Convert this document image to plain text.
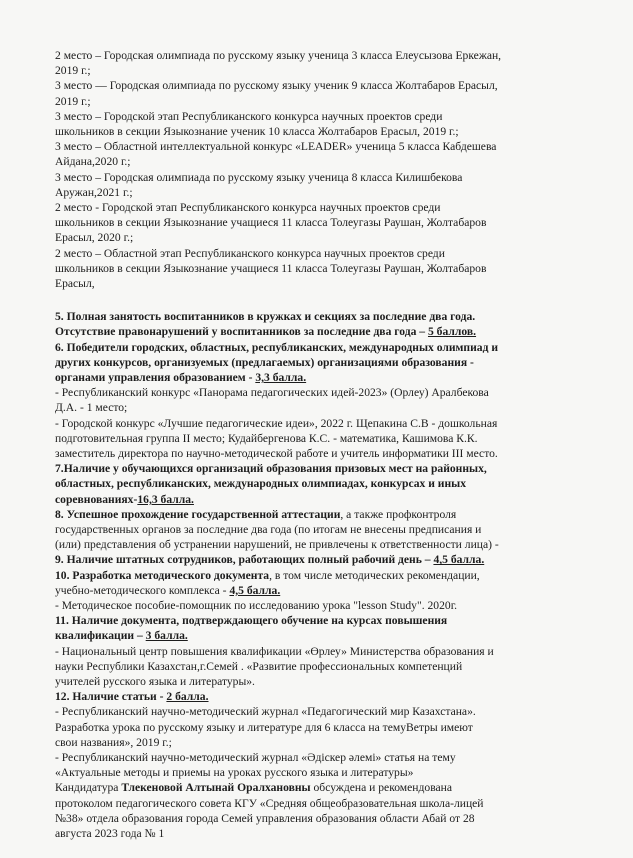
2 место – Городская олимпиада по русскому языку ученица 3 класса Елеусызова Еркежан,
2019 г.;
3 место –– Городская олимпиада по русскому языку ученик 9 класса Жолтабаров Ерасыл,
2019 г.;
3 место – Городской этап Республиканского конкурса научных проектов среди
школьников в секции Языкознание ученик 10 класса Жолтабаров Ерасыл, 2019 г.;
3 место – Областной интеллектуальной конкурс «LEADER» ученица 5 класса Кабдешева
Айдана,2020 г.;
3 место – Городская олимпиада по русскому языку ученица 8 класса Килишбекова
Аружан,2021 г.;
2 место - Городской этап Республиканского конкурса научных проектов среди
школьников в секции Языкознание учащиеся 11 класса Толеугазы Раушан, Жолтабаров
Ерасыл, 2020 г.;
2 место – Областной этап Республиканского конкурса научных проектов среди
школьников в секции Языкознание учащиеся 11 класса Толеугазы Раушан, Жолтабаров
Ерасыл,
5. Полная занятость воспитанников в кружках и секциях за последние два года.
Отсутствие правонарушений у воспитанников за последние два года – 5 баллов.
6. Победители городских, областных, республиканских, международных олимпиад и
других конкурсов, организуемых (предлагаемых) организациями образования -
органами управления образованием - 3,3 балла.
- Республиканский конкурс «Панорама педагогических идей-2023» (Орлеу) Аралбекова
Д.А. - 1 место;
- Городской конкурс «Лучшие педагогические идеи», 2022 г. Щепакина С.В - дошкольная
подготовительная группа II место; Кудайбергенова К.С. - математика, Кашимова К.К.
заместитель директора по научно-методической работе и учитель информатики III место.
7.Наличие у обучающихся организаций образования призовых мест на районных,
областных, республиканских, международных олимпиадах, конкурсах и иных
соревнованиях-16,3 балла.
8. Успешное прохождение государственной аттестации, а также профконтроля
государственных органов за последние два года (по итогам не внесены предписания и
(или) представления об устранении нарушений, не привлечены к ответственности лица) -
9. Наличие штатных сотрудников, работающих полный рабочий день – 4,5 балла.
10. Разработка методического документа, в том числе методических рекомендации,
учебно-методического комплекса - 4,5 балла.
- Методическое пособие-помощник по исследованию урока "lesson Study". 2020г.
11. Наличие документа, подтверждающего обучение на курсах повышения
квалификации – 3 балла.
- Национальный центр повышения квалификации «Өрлеу» Министерства образования и
науки Республики Казахстан,г.Семей . «Развитие профессиональных компетенций
учителей русского языка и литературы».
12. Наличие статьи - 2 балла.
- Республиканский научно-методический журнал «Педагогический мир Казахстана».
Разработка урока по русскому языку и литературе для 6 класса на темуВетры имеют
свои названия», 2019 г.;
- Республиканский научно-методический журнал «Әдіскер әлемі» статья на тему
«Актуальные методы и приемы на уроках русского языка и литературы»
Кандидатура Тлекеновой Алтынай Оралхановны обсуждена и рекомендована
протоколом педагогического совета КГУ «Средняя общеобразовательная школа-лицей
№38» отдела образования города Семей управления образования области Абай от 28
августа 2023 года № 1
